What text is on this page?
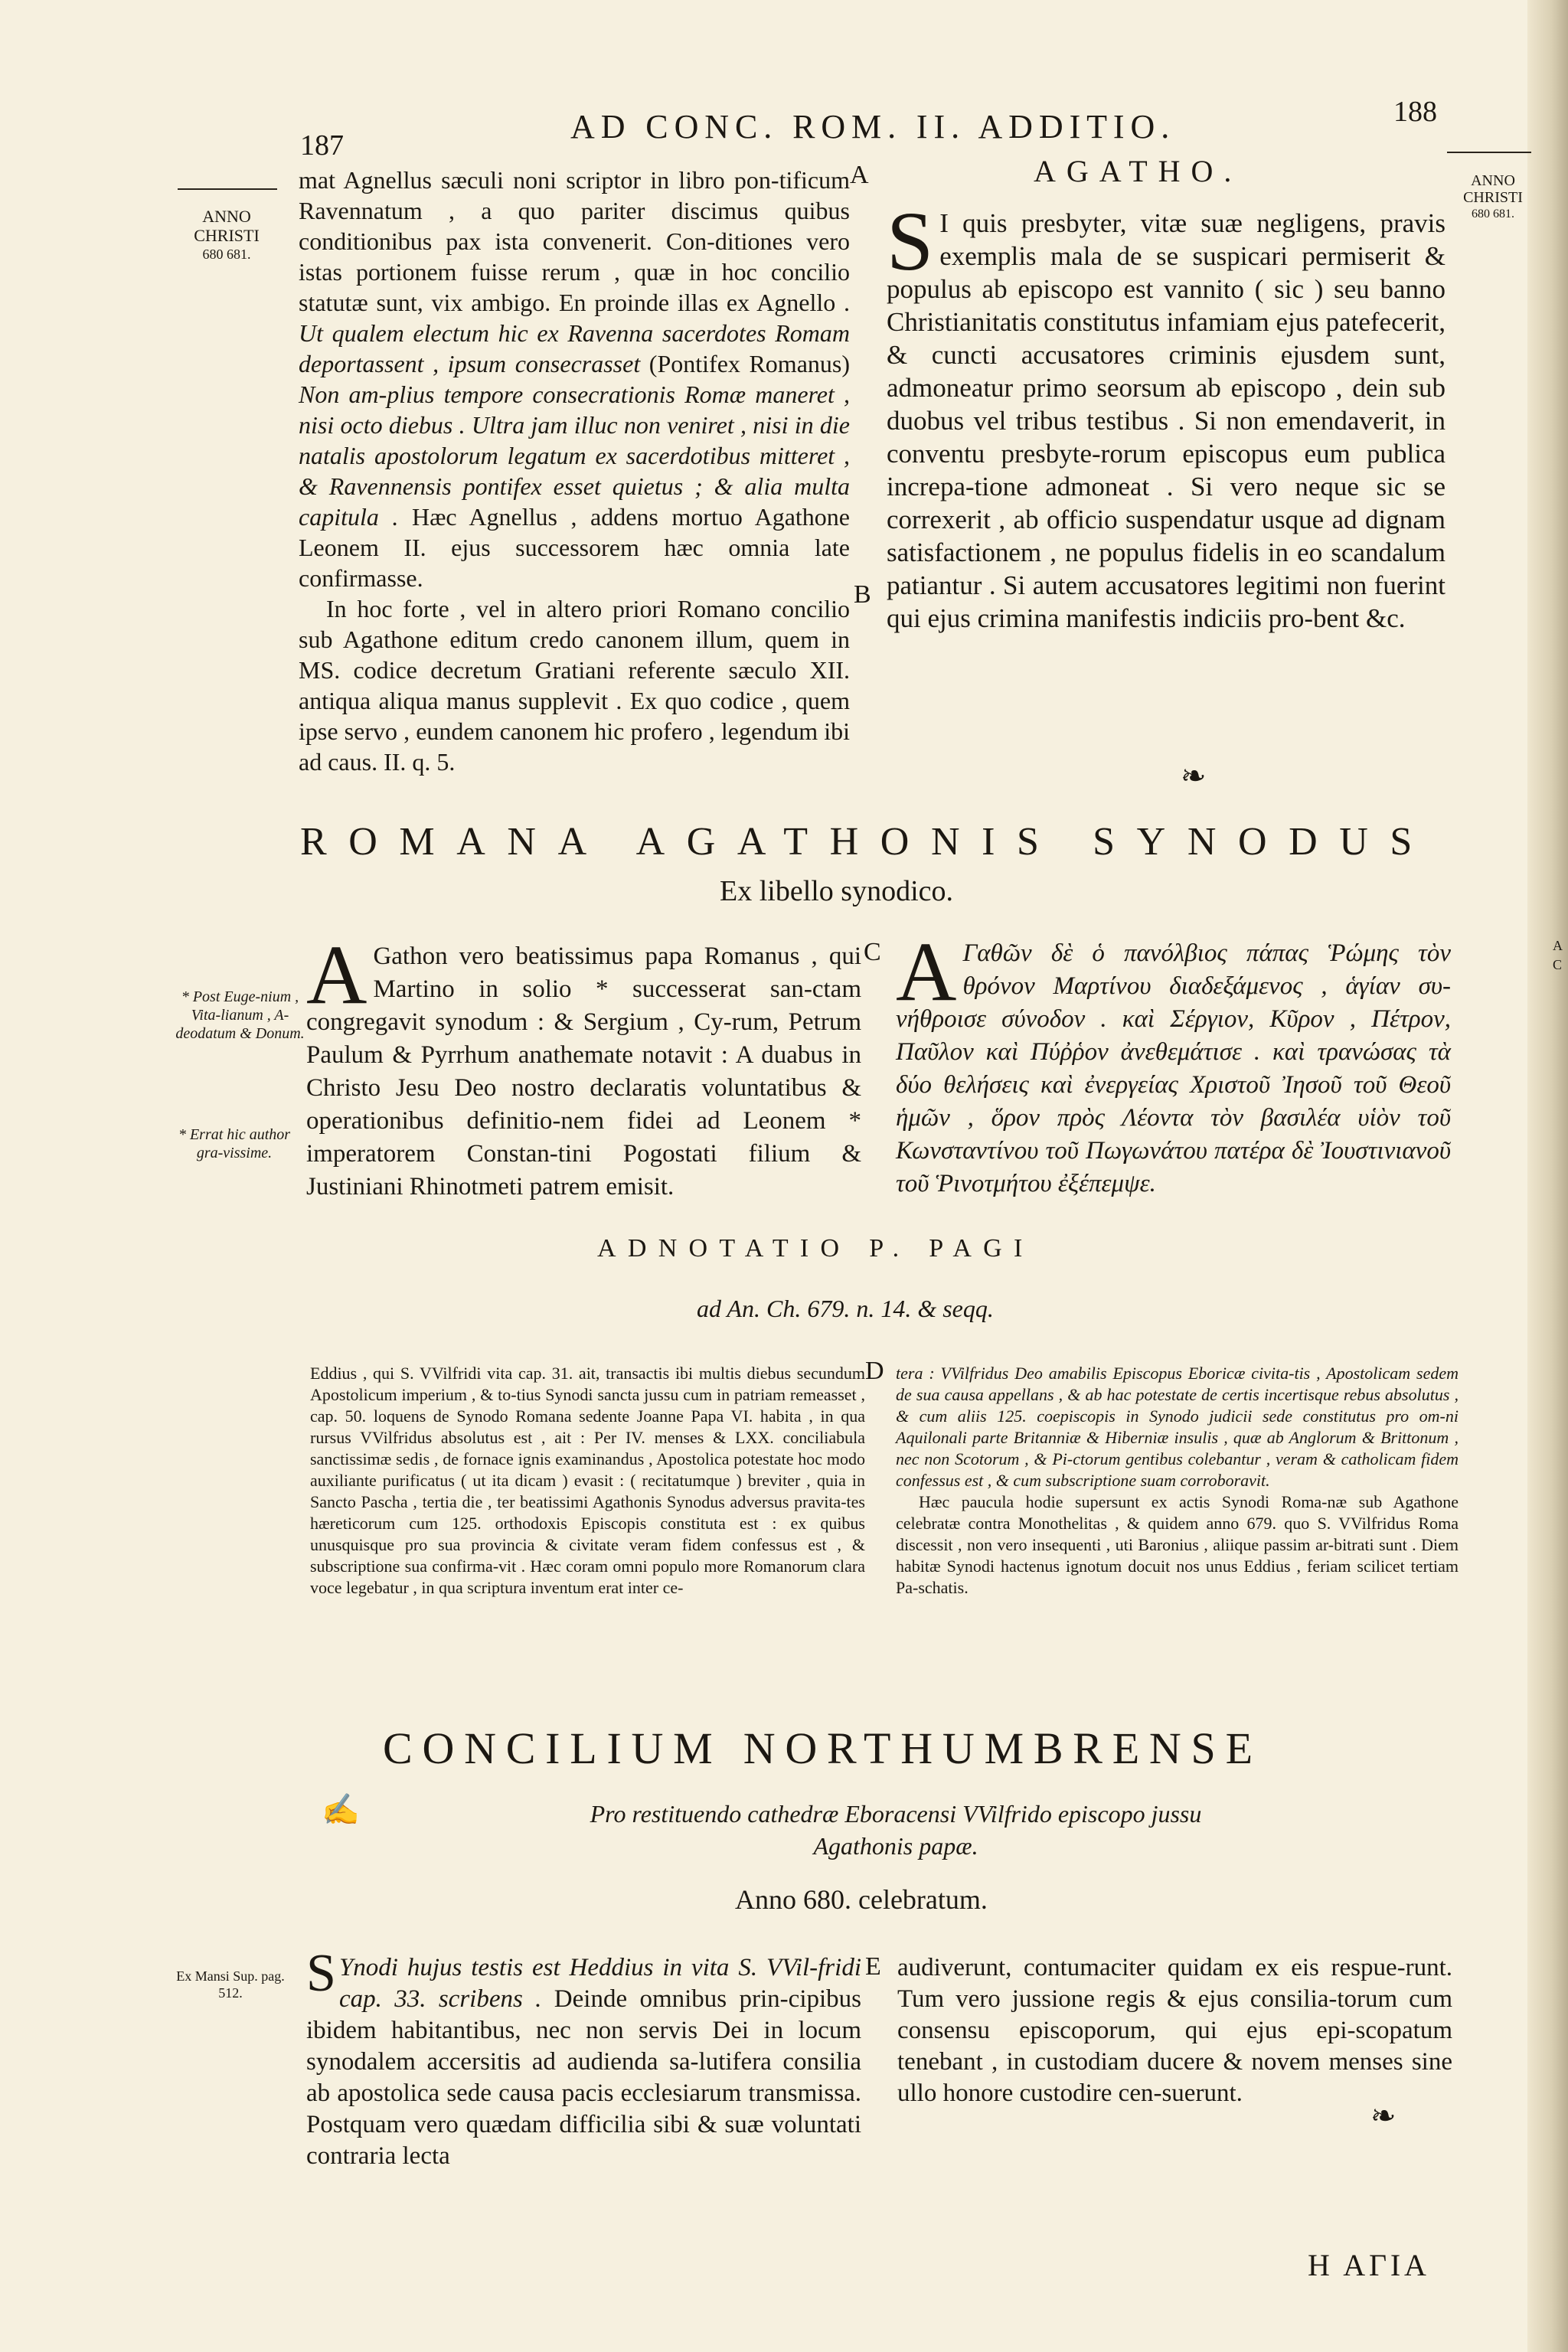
187	AD CONC. ROM. II. ADDITIO.	188
ANNO
CHRISTI
680 681.
ANNO
CHRISTI
680 681.

mat Agnellus sæculi noni scriptor in libro pon-tificum Ravennatum , a quo pariter discimus quibus conditionibus pax ista convenerit. Con-ditiones vero istas portionem fuisse rerum , quæ in hoc concilio statutæ sunt, vix ambigo. En proinde illas ex Agnello . Ut qualem electum hic ex Ravenna sacerdotes Romam deportassent , ipsum consecrasset (Pontifex Romanus) Non am-plius tempore consecrationis Romæ maneret , nisi octo diebus . Ultra jam illuc non veniret , nisi in die natalis apostolorum legatum ex sacerdotibus mitteret , & Ravennensis pontifex esset quietus ; & alia multa capitula . Hæc Agnellus , addens mortuo Agathone Leonem II. ejus successorem hæc omnia late confirmasse.

In hoc forte , vel in altero priori Romano concilio sub Agathone editum credo canonem illum, quem in MS. codice decretum Gratiani referente sæculo XII. antiqua aliqua manus supplevit . Ex quo codice , quem ipse servo , eundem canonem hic profero , legendum ibi ad caus. II. q. 5.

A
B
AGATHO.
S I quis presbyter, vitæ suæ negligens, pravis exemplis mala de se suspicari permiserit & populus ab episcopo est vannito ( sic ) seu banno Christianitatis constitutus infamiam ejus patefecerit, & cuncti accusatores criminis ejusdem sunt, admoneatur primo seorsum ab episcopo , dein sub duobus vel tribus testibus . Si non emendaverit, in conventu presbyte-rorum episcopus eum publica increpa-tione admoneat . Si vero neque sic se correxerit , ab officio suspendatur usque ad dignam satisfactionem , ne populus fidelis in eo scandalum patiantur . Si autem accusatores legitimi non fuerint qui ejus crimina manifestis indiciis pro-bent &c.
❧
ROMANA AGATHONIS SYNODUS
Ex libello synodico.
* Post Euge-nium , Vita-lianum , A-deodatum & Donum.
* Errat hic author gra-vissime.
A Gathon vero beatissimus papa Romanus , qui Martino in solio * successerat san-ctam congregavit synodum : & Sergium , Cy-rum, Petrum Paulum & Pyrrhum anathemate notavit : A duabus in Christo Jesu Deo nostro declaratis voluntatibus & operationibus definitio-nem fidei ad Leonem * imperatorem Constan-tini Pogostati filium & Justiniani Rhinotmeti patrem emisit.
C A Γαθῶν δὲ ὁ πανόλβιος πάπας Ῥώμης τὸν θρόνον Μαρτίνου διαδεξάμενος , ἁγίαν συ-νήθροισε σύνοδον . καὶ Σέργιον, Κῦρον , Πέτρον, Παῦλον καὶ Πύῤῥον ἀνεθεμάτισε . καὶ τρανώσας τὰ δύο θελήσεις καὶ ἐνεργείας Χριστοῦ Ἰησοῦ τοῦ Θεοῦ ἡμῶν , ὅρον πρὸς Λέοντα τὸν βασιλέα υἱὸν τοῦ Κωνσταντίνου τοῦ Πωγωνάτου πατέρα δὲ Ἰουστινιανοῦ τοῦ Ῥινοτμήτου ἐξέπεμψε.
A
C
ADNOTATIO P. PAGI
ad An. Ch. 679. n. 14. & seqq.
Eddius , qui S. VVilfridi vita cap. 31. ait, transactis ibi multis diebus secundum Apostolicum imperium , & to-tius Synodi sancta jussu cum in patriam remeasset , cap. 50. loquens de Synodo Romana sedente Joanne Papa VI. habita , in qua rursus VVilfridus absolutus est , ait : Per IV. menses & LXX. conciliabula sanctissimæ sedis , de fornace ignis examinandus , Apostolica potestate hoc modo auxiliante purificatus ( ut ita dicam ) evasit : ( recitatumque ) breviter , quia in Sancto Pascha , tertia die , ter beatissimi Agathonis Synodus adversus pravita-tes hæreticorum cum 125. orthodoxis Episcopis constituta est : ex quibus unusquisque pro sua provincia & civitate veram fidem confessus est , & subscriptione sua confirma-vit . Hæc coram omni populo more Romanorum clara voce legebatur , in qua scriptura inventum erat inter ce-
D tera : VVilfridus Deo amabilis Episcopus Eboricæ civita-tis , Apostolicam sedem de sua causa appellans , & ab hac potestate de certis incertisque rebus absolutus , & cum aliis 125. coepiscopis in Synodo judicii sede constitutus pro om-ni Aquilonali parte Britanniæ & Hiberniæ insulis , quæ ab Anglorum & Brittonum , nec non Scotorum , & Pi-ctorum gentibus colebantur , veram & catholicam fidem confessus est , & cum subscriptione suam corroboravit.
Hæc paucula hodie supersunt ex actis Synodi Roma-næ sub Agathone celebratæ contra Monothelitas , & quidem anno 679. quo S. VVilfridus Roma discessit , non vero insequenti , uti Baronius , aliique passim ar-bitrati sunt . Diem habitæ Synodi hactenus ignotum docuit nos unus Eddius , feriam scilicet tertiam Pa-schatis.
CONCILIUM NORTHUMBRENSE
✍	Pro restituendo cathedræ Eboracensi VVilfrido episcopo jussu
Agathonis papæ.
Anno 680. celebratum.
Ex Mansi Sup. pag. 512.	S Ynodi hujus testis est Heddius in vita S. VVil-fridi cap. 33. scribens . Deinde omnibus prin-cipibus ibidem habitantibus, nec non servis Dei in locum synodalem accersitis ad audienda sa-lutifera consilia ab apostolica sede causa pacis ecclesiarum transmissa. Postquam vero quædam difficilia sibi & suæ voluntati contraria lecta
E audiverunt, contumaciter quidam ex eis respue-runt. Tum vero jussione regis & ejus consilia-torum cum consensu episcoporum, qui ejus epi-scopatum tenebant , in custodiam ducere & novem menses sine ullo honore custodire cen-suerunt.
❧
H AΓIA
